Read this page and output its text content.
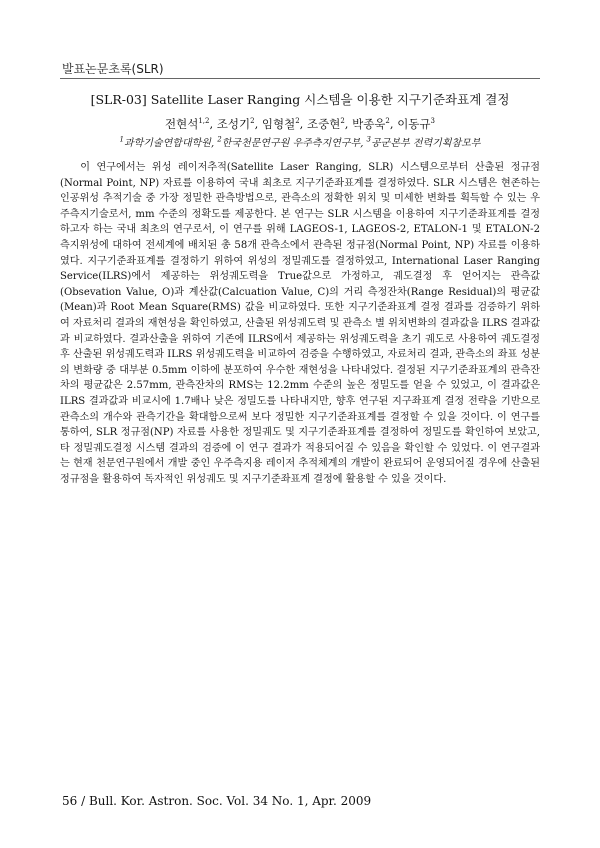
발표논문초록(SLR)
[SLR-03] Satellite Laser Ranging 시스템을 이용한 지구기준좌표계 결정
전현석$^{1,2}$, 조성기$^2$, 임형철$^2$, 조중현$^2$, 박종욱$^2$, 이동규$^3$
$^1$과학기술연합대학원, $^2$한국천문연구원 우주측지연구부, $^3$공군본부 전력기획참모부

이 연구에서는 위성 레이저추적(Satellite Laser Ranging, SLR) 시스템으로부터 산출된 정규점(Normal Point, NP) 자료를 이용하여 국내 최초로 지구기준좌표계를 결정하였다. SLR 시스템은 현존하는 인공위성 추적기술 중 가장 정밀한 관측방법으로, 관측소의 정확한 위치 및 미세한 변화를 획득할 수 있는 우주측지기술로서, mm 수준의 정확도를 제공한다. 본 연구는 SLR 시스템을 이용하여 지구기준좌표계를 결정하고자 하는 국내 최초의 연구로서, 이 연구를 위해 LAGEOS-1, LAGEOS-2, ETALON-1 및 ETALON-2 측지위성에 대하여 전세계에 배치된 총 58개 관측소에서 관측된 정규점(Normal Point, NP) 자료를 이용하였다. 지구기준좌표계를 결정하기 위하여 위성의 정밀궤도를 결정하였고, International Laser Ranging Service(ILRS)에서 제공하는 위성궤도력을 True값으로 가정하고, 궤도결정 후 얻어지는 관측값(Obsevation Value, O)과 계산값(Calcuation Value, C)의 거리 측정잔차(Range Residual)의 평균값(Mean)과 Root Mean Square(RMS) 값을 비교하였다. 또한 지구기준좌표계 결정 결과를 검증하기 위하여 자료처리 결과의 재현성을 확인하였고, 산출된 위성궤도력 및 관측소 별 위치변화의 결과값을 ILRS 결과값과 비교하였다. 결과산출을 위하여 기존에 ILRS에서 제공하는 위성궤도력을 초기 궤도로 사용하여 궤도결정 후 산출된 위성궤도력과 ILRS 위성궤도력을 비교하여 검증을 수행하였고, 자료처리 결과, 관측소의 좌표 성분의 변화량 중 대부분 0.5mm 이하에 분포하여 우수한 재현성을 나타내었다. 결정된 지구기준좌표계의 관측잔차의 평균값은 2.57mm, 관측잔차의 RMS는 12.2mm 수준의 높은 정밀도를 얻을 수 있었고, 이 결과값은 ILRS 결과값과 비교시에 1.7배나 낮은 정밀도를 나타내지만, 향후 연구된 지구좌표계 결정 전략을 기반으로 관측소의 개수와 관측기간을 확대함으로써 보다 정밀한 지구기준좌표계를 결정할 수 있을 것이다. 이 연구를 통하여, SLR 정규점(NP) 자료를 사용한 정밀궤도 및 지구기준좌표계를 결정하여 정밀도를 확인하여 보았고, 타 정밀궤도결정 시스템 결과의 검증에 이 연구 결과가 적용되어질 수 있음을 확인할 수 있었다. 이 연구결과는 현재 천문연구원에서 개발 중인 우주측지용 레이저 추적체계의 개발이 완료되어 운영되어질 경우에 산출된 정규점을 활용하여 독자적인 위성궤도 및 지구기준좌표계 결정에 활용할 수 있을 것이다.

56 / Bull. Kor. Astron. Soc. Vol. 34 No. 1, Apr. 2009
